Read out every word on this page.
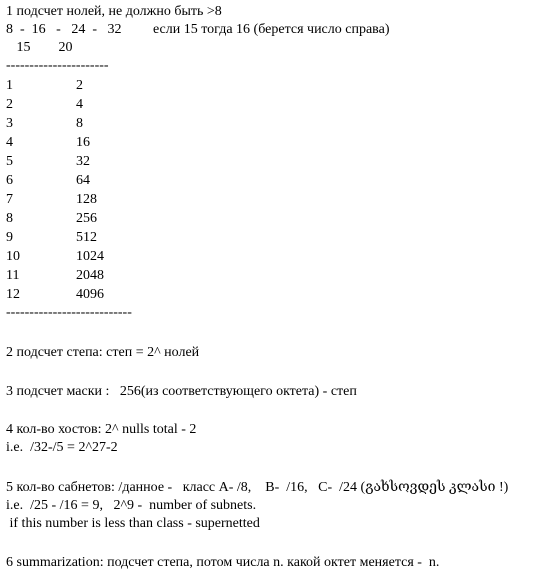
1 подсчет нолей, не должно быть >8
8  -  16   -   24  -   32         если 15 тогда 16 (берется число справа)
15        20
----------------------
1	2
2	4
3	8
4	16
5	32
6	64
7	128
8	256
9	512
10	1024
11	2048
12	4096
---------------------------
2 подсчет степа: степ = 2^ нолей
3 подсчет маски :   256(из соответствующего октета) - степ
4 кол-во хостов: 2^ nulls total - 2
i.e.  /32-/5 = 2^27-2
5 кол-во сабнетов: /данное -   класс A- /8,    B-  /16,   C-  /24 (გახსოვდეს კლასი !)
i.e.  /25 - /16 = 9,   2^9 -  number of subnets.
if this number is less than class - supernetted
6 summarization: подсчет степа, потом числа n. какой октет меняется -  n.
